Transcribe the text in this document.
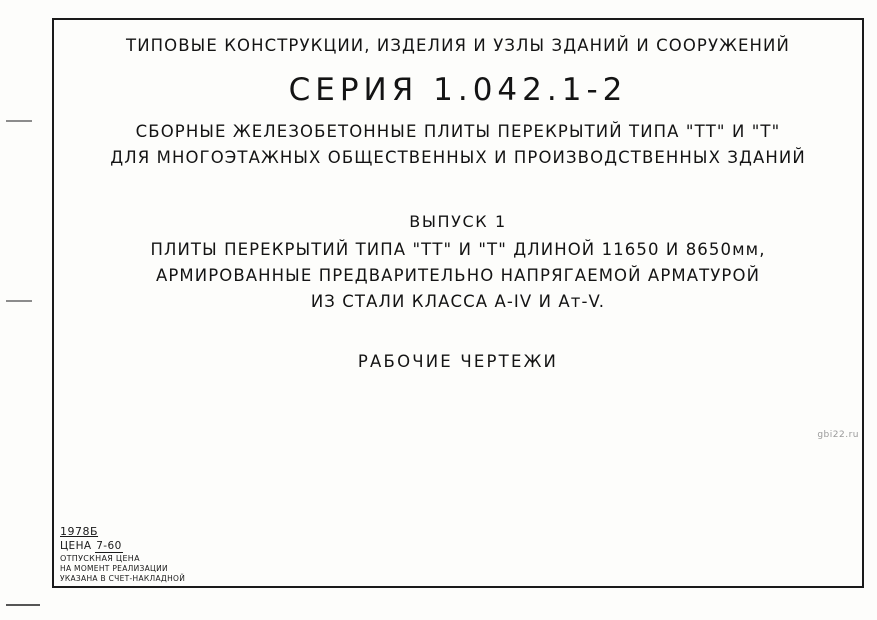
ТИПОВЫЕ КОНСТРУКЦИИ, ИЗДЕЛИЯ И УЗЛЫ ЗДАНИЙ И СООРУЖЕНИЙ
СЕРИЯ 1.042.1-2
СБОРНЫЕ ЖЕЛЕЗОБЕТОННЫЕ ПЛИТЫ ПЕРЕКРЫТИЙ ТИПА "ТТ" И "Т"
ДЛЯ МНОГОЭТАЖНЫХ ОБЩЕСТВЕННЫХ И ПРОИЗВОДСТВЕННЫХ ЗДАНИЙ
ВЫПУСК 1
ПЛИТЫ ПЕРЕКРЫТИЙ ТИПА "ТТ" И "Т" ДЛИНОЙ 11650 И 8650мм,
АРМИРОВАННЫЕ ПРЕДВАРИТЕЛЬНО НАПРЯГАЕМОЙ АРМАТУРОЙ
ИЗ СТАЛИ КЛАССА А-IV И Aт-V.
РАБОЧИЕ ЧЕРТЕЖИ
gbi22.ru
1978Б
ЦЕНА 7-60
ОТПУСКНАЯ ЦЕНА
НА МОМЕНТ РЕАЛИЗАЦИИ
УКАЗАНА В СЧЕТ-НАКЛАДНОЙ
